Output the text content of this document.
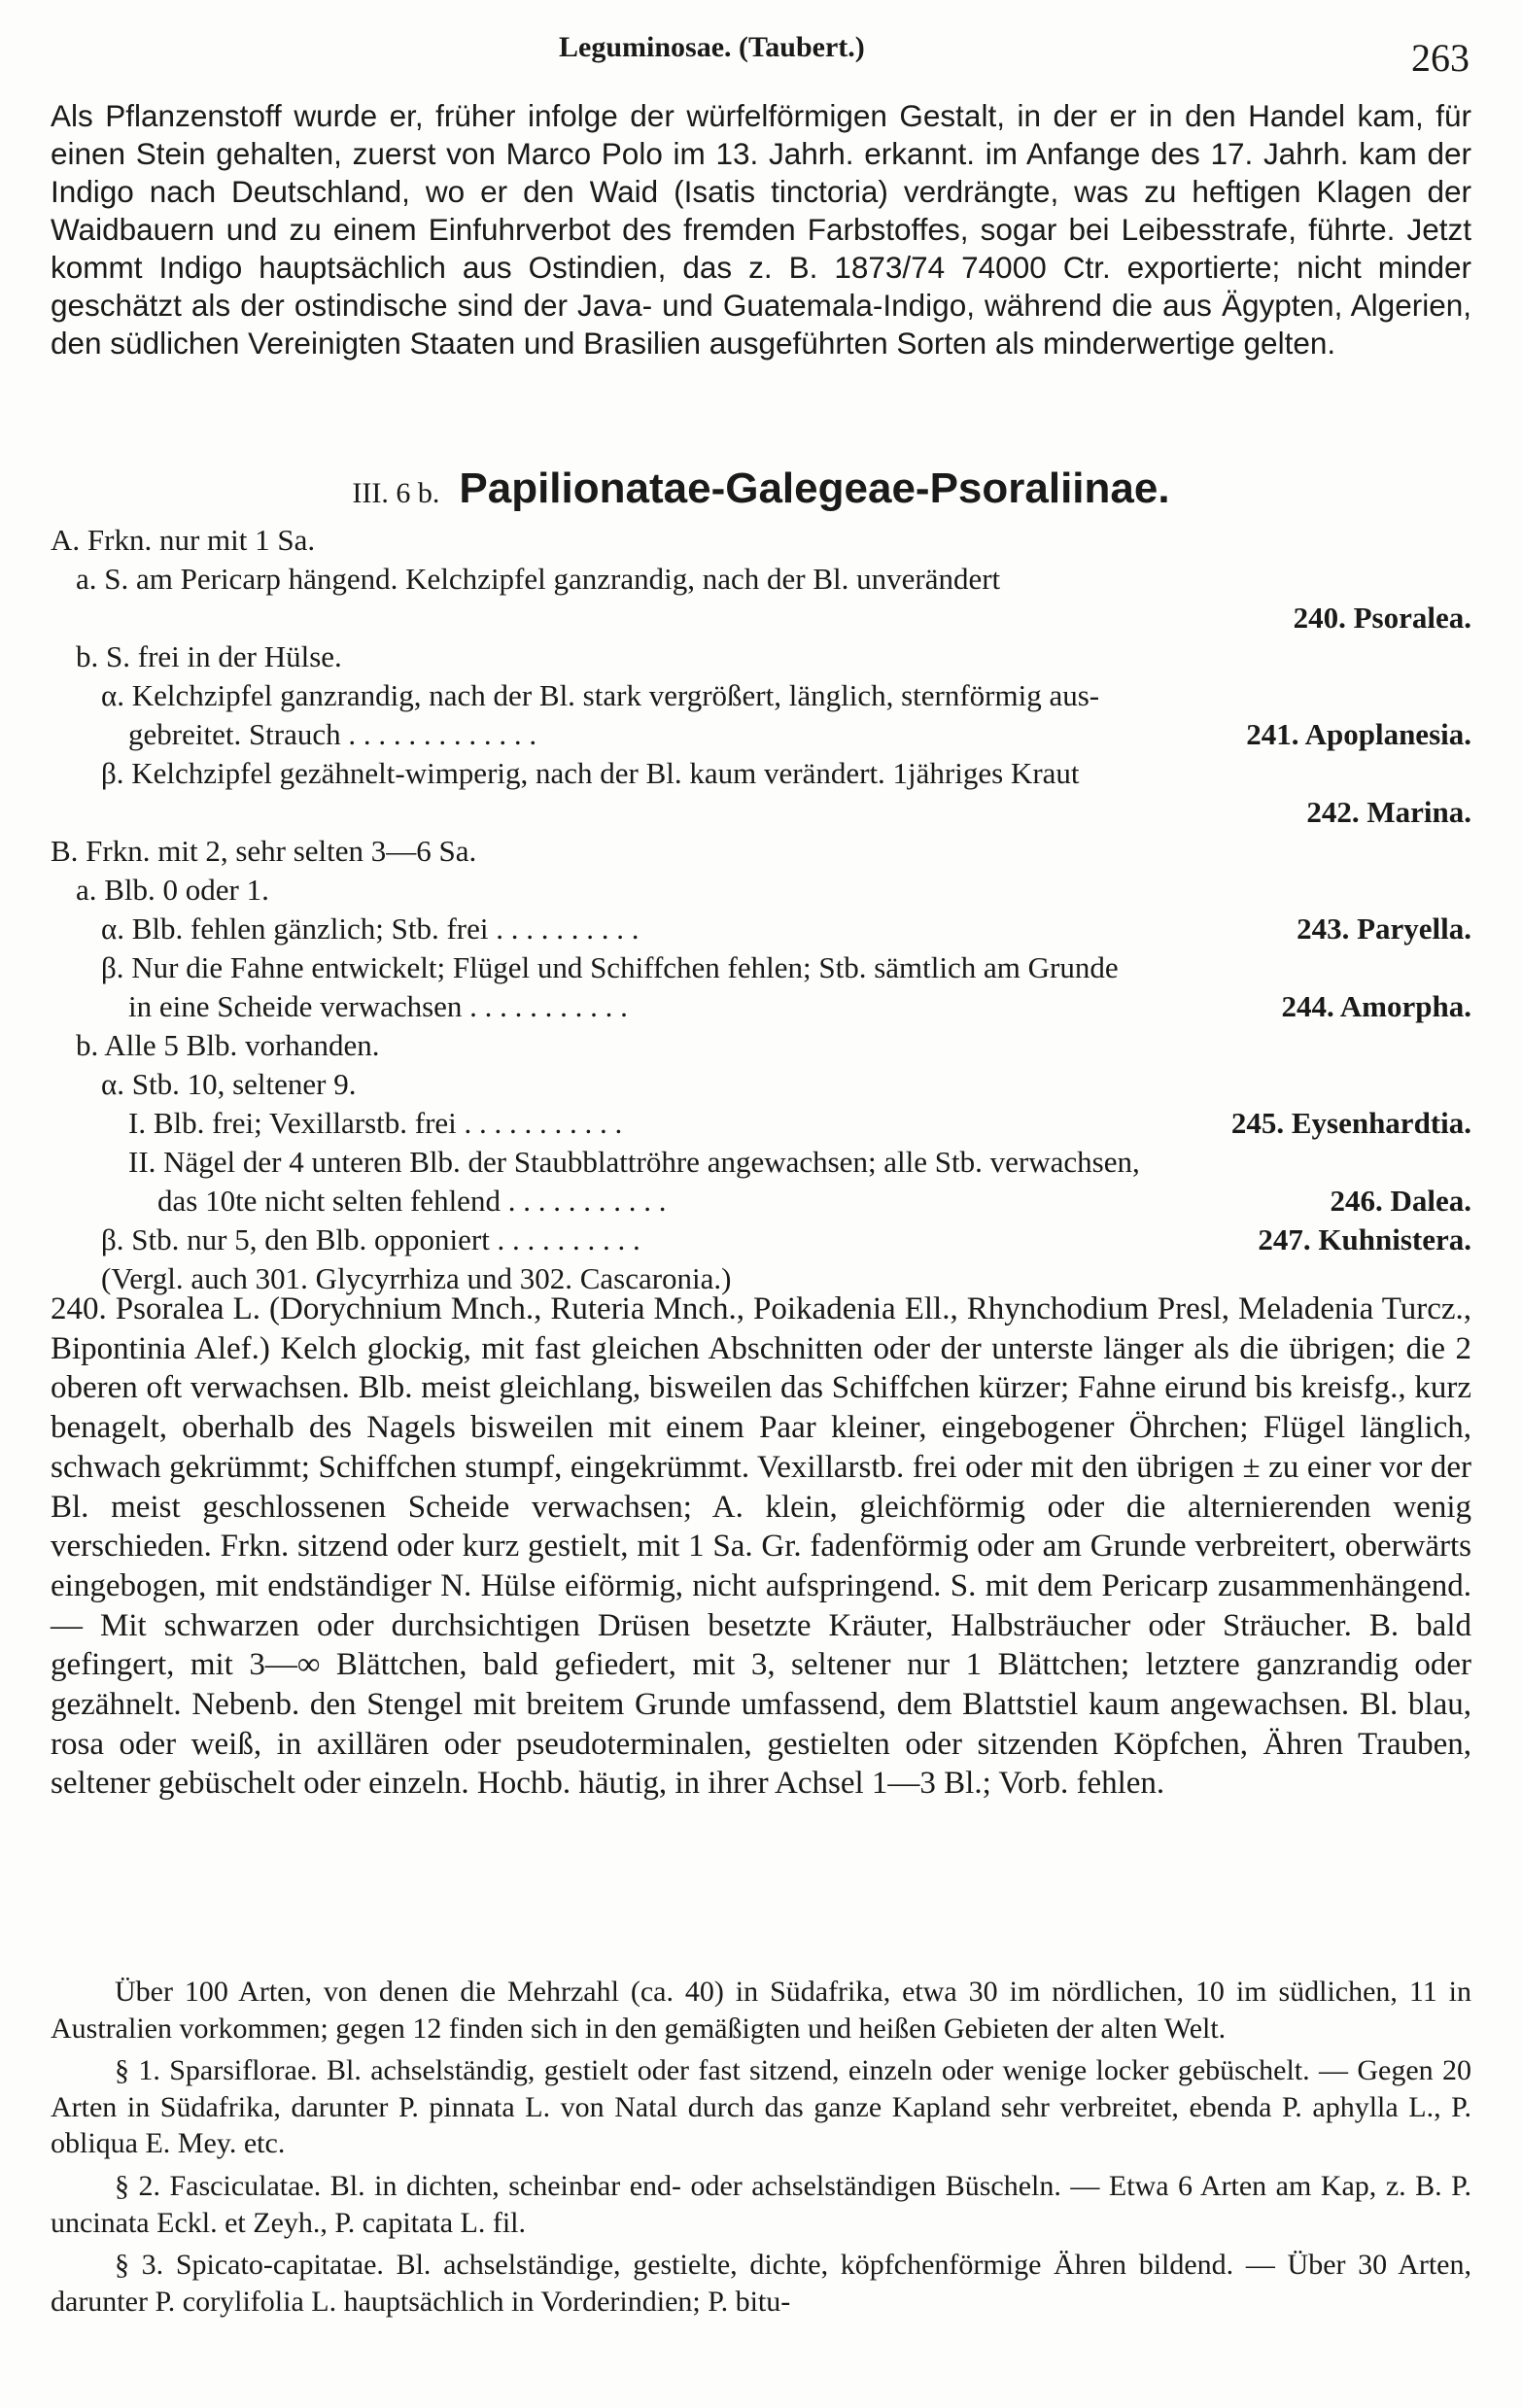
Leguminosae. (Taubert.)	263

Als Pflanzenstoff wurde er, früher infolge der würfelförmigen Gestalt, in der er in den Handel kam, für einen Stein gehalten, zuerst von Marco Polo im 13. Jahrh. erkannt. im Anfange des 17. Jahrh. kam der Indigo nach Deutschland, wo er den Waid (Isatis tinctoria) verdrängte, was zu heftigen Klagen der Waidbauern und zu einem Einfuhrverbot des fremden Farbstoffes, sogar bei Leibesstrafe, führte. Jetzt kommt Indigo hauptsächlich aus Ostindien, das z. B. 1873/74 74000 Ctr. exportierte; nicht minder geschätzt als der ostindische sind der Java- und Guatemala-Indigo, während die aus Ägypten, Algerien, den südlichen Vereinigten Staaten und Brasilien ausgeführten Sorten als minderwertige gelten.

III. 6 b. Papilionatae-Galegeae-Psoraliinae.
A. Frkn. nur mit 1 Sa.
a. S. am Pericarp hängend. Kelchzipfel ganzrandig, nach der Bl. unverändert
240. Psoralea.
b. S. frei in der Hülse.
α. Kelchzipfel ganzrandig, nach der Bl. stark vergrößert, länglich, sternförmig aus-
gebreitet. Strauch . . . . . . . . . . . . .	241. Apoplanesia.
β. Kelchzipfel gezähnelt-wimperig, nach der Bl. kaum verändert. 1jähriges Kraut
242. Marina.
B. Frkn. mit 2, sehr selten 3—6 Sa.
a. Blb. 0 oder 1.
α. Blb. fehlen gänzlich; Stb. frei . . . . . . . . . .	243. Paryella.
β. Nur die Fahne entwickelt; Flügel und Schiffchen fehlen; Stb. sämtlich am Grunde
in eine Scheide verwachsen . . . . . . . . . . .	244. Amorpha.
b. Alle 5 Blb. vorhanden.
α. Stb. 10, seltener 9.
I. Blb. frei; Vexillarstb. frei . . . . . . . . . . .	245. Eysenhardtia.
II. Nägel der 4 unteren Blb. der Staubblattröhre angewachsen; alle Stb. verwachsen,
das 10te nicht selten fehlend . . . . . . . . . . .	246. Dalea.
β. Stb. nur 5, den Blb. opponiert . . . . . . . . . .	247. Kuhnistera.
(Vergl. auch 301. Glycyrrhiza und 302. Cascaronia.)

240. Psoralea L. (Dorychnium Mnch., Ruteria Mnch., Poikadenia Ell., Rhynchodium Presl, Meladenia Turcz., Bipontinia Alef.) Kelch glockig, mit fast gleichen Abschnitten oder der unterste länger als die übrigen; die 2 oberen oft verwachsen. Blb. meist gleichlang, bisweilen das Schiffchen kürzer; Fahne eirund bis kreisfg., kurz benagelt, oberhalb des Nagels bisweilen mit einem Paar kleiner, eingebogener Öhrchen; Flügel länglich, schwach gekrümmt; Schiffchen stumpf, eingekrümmt. Vexillarstb. frei oder mit den übrigen ± zu einer vor der Bl. meist geschlossenen Scheide verwachsen; A. klein, gleichförmig oder die alternierenden wenig verschieden. Frkn. sitzend oder kurz gestielt, mit 1 Sa. Gr. fadenförmig oder am Grunde verbreitert, oberwärts eingebogen, mit endständiger N. Hülse eiförmig, nicht aufspringend. S. mit dem Pericarp zusammenhängend. — Mit schwarzen oder durchsichtigen Drüsen besetzte Kräuter, Halbsträucher oder Sträucher. B. bald gefingert, mit 3—∞ Blättchen, bald gefiedert, mit 3, seltener nur 1 Blättchen; letztere ganzrandig oder gezähnelt. Nebenb. den Stengel mit breitem Grunde umfassend, dem Blattstiel kaum angewachsen. Bl. blau, rosa oder weiß, in axillären oder pseudoterminalen, gestielten oder sitzenden Köpfchen, Ähren Trauben, seltener gebüschelt oder einzeln. Hochb. häutig, in ihrer Achsel 1—3 Bl.; Vorb. fehlen.

Über 100 Arten, von denen die Mehrzahl (ca. 40) in Südafrika, etwa 30 im nördlichen, 10 im südlichen, 11 in Australien vorkommen; gegen 12 finden sich in den gemäßigten und heißen Gebieten der alten Welt.

§ 1. Sparsiflorae. Bl. achselständig, gestielt oder fast sitzend, einzeln oder wenige locker gebüschelt. — Gegen 20 Arten in Südafrika, darunter P. pinnata L. von Natal durch das ganze Kapland sehr verbreitet, ebenda P. aphylla L., P. obliqua E. Mey. etc.

§ 2. Fasciculatae. Bl. in dichten, scheinbar end- oder achselständigen Büscheln. — Etwa 6 Arten am Kap, z. B. P. uncinata Eckl. et Zeyh., P. capitata L. fil.

§ 3. Spicato-capitatae. Bl. achselständige, gestielte, dichte, köpfchenförmige Ähren bildend. — Über 30 Arten, darunter P. corylifolia L. hauptsächlich in Vorderindien; P. bitu-
